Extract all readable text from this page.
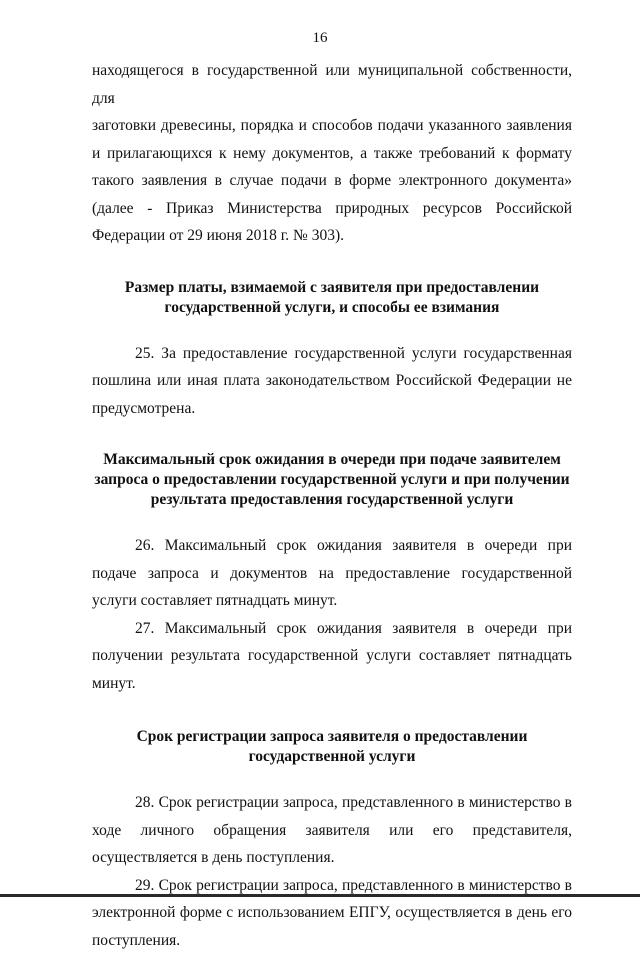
16

находящегося в государственной или муниципальной собственности, для

заготовки древесины, порядка и способов подачи указанного заявления

и прилагающихся к нему документов, а также требований к формату

такого заявления в случае подачи в форме электронного документа»

(далее - Приказ Министерства природных ресурсов Российской

Федерации от 29 июня 2018 г. № 303).

Размер платы, взимаемой с заявителя при предоставлении
государственной услуги, и способы ее взимания

25. За предоставление государственной услуги государственная пошлина или иная плата законодательством Российской Федерации не предусмотрена.

Максимальный срок ожидания в очереди при подаче заявителем
запроса о предоставлении государственной услуги и при получении
результата предоставления государственной услуги

26. Максимальный срок ожидания заявителя в очереди при подаче запроса и документов на предоставление государственной услуги составляет пятнадцать минут.

27. Максимальный срок ожидания заявителя в очереди при получении результата государственной услуги составляет пятнадцать минут.

Срок регистрации запроса заявителя о предоставлении
государственной услуги

28. Срок регистрации запроса, представленного в министерство в ходе личного обращения заявителя или его представителя, осуществляется в день поступления.

29. Срок регистрации запроса, представленного в министерство в электронной форме с использованием ЕПГУ, осуществляется в день его поступления.
